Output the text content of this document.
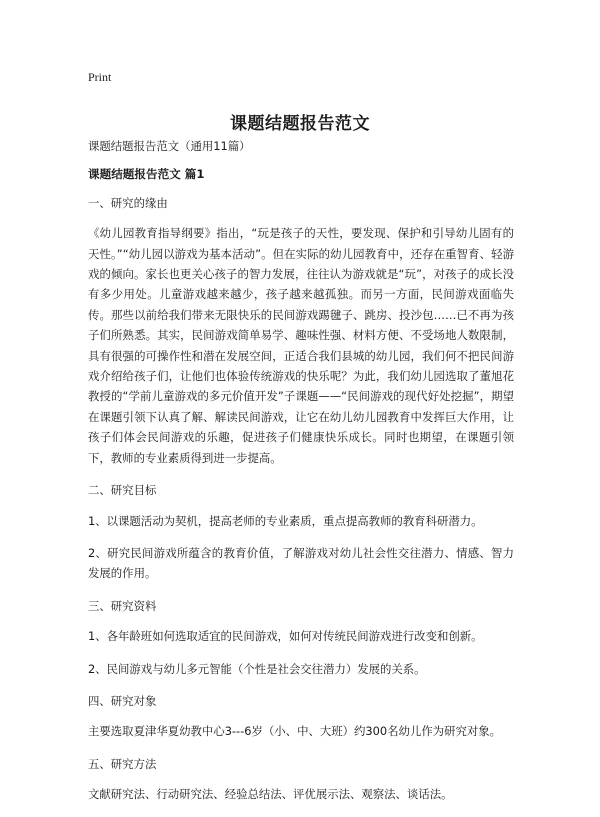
Print
课题结题报告范文

课题结题报告范文（通用11篇）

课题结题报告范文 篇1

一、研究的缘由

《幼儿园教育指导纲要》指出，“玩是孩子的天性，要发现、保护和引导幼儿固有的天性。”“幼儿园以游戏为基本活动”。但在实际的幼儿园教育中，还存在重智育、轻游戏的倾向。家长也更关心孩子的智力发展，往往认为游戏就是“玩”，对孩子的成长没有多少用处。儿童游戏越来越少，孩子越来越孤独。而另一方面，民间游戏面临失传。那些以前给我们带来无限快乐的民间游戏踢毽子、跳房、投沙包……已不再为孩子们所熟悉。其实，民间游戏简单易学、趣味性强、材料方便、不受场地人数限制，具有很强的可操作性和潜在发展空间，正适合我们县城的幼儿园，我们何不把民间游戏介绍给孩子们，让他们也体验传统游戏的快乐呢？为此，我们幼儿园选取了董旭花教授的“学前儿童游戏的多元价值开发”子课题——“民间游戏的现代好处挖掘”，期望在课题引领下认真了解、解读民间游戏，让它在幼儿幼儿园教育中发挥巨大作用，让孩子们体会民间游戏的乐趣，促进孩子们健康快乐成长。同时也期望，在课题引领下，教师的专业素质得到进一步提高。

二、研究目标

1、以课题活动为契机，提高老师的专业素质，重点提高教师的教育科研潜力。

2、研究民间游戏所蕴含的教育价值，了解游戏对幼儿社会性交往潜力、情感、智力发展的作用。

三、研究资料

1、各年龄班如何选取适宜的民间游戏，如何对传统民间游戏进行改变和创新。

2、民间游戏与幼儿多元智能（个性是社会交往潜力）发展的关系。

四、研究对象

主要选取夏津华夏幼教中心3---6岁（小、中、大班）约300名幼儿作为研究对象。

五、研究方法

文献研究法、行动研究法、经验总结法、评优展示法、观察法、谈话法。
